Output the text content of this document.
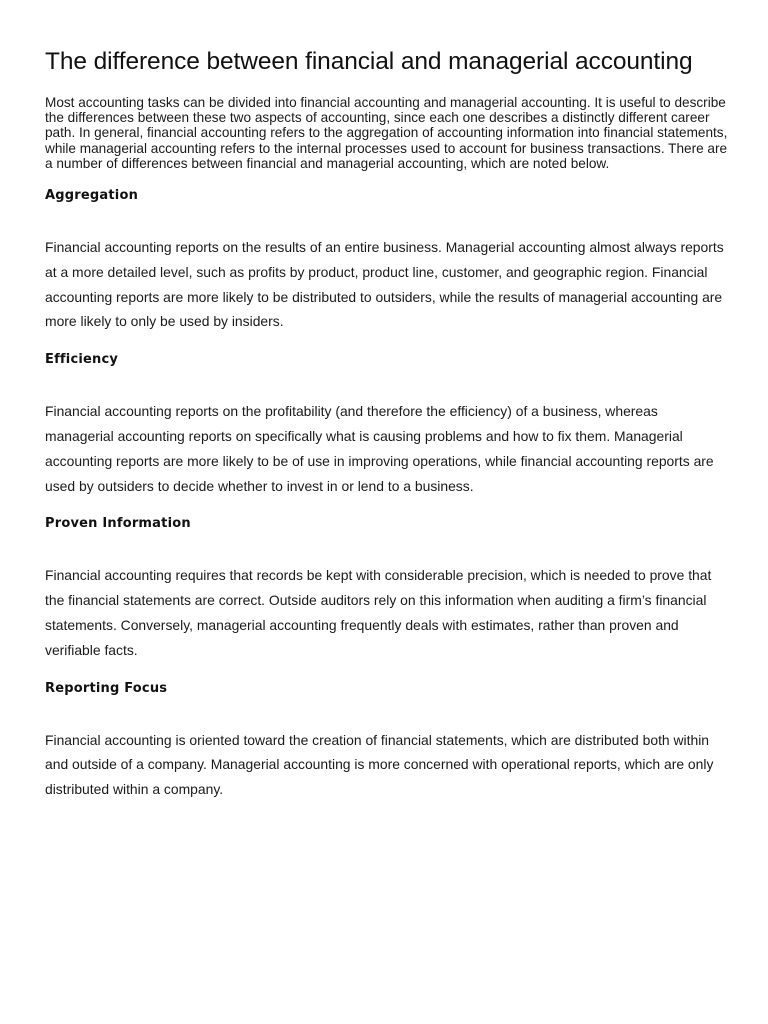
The difference between financial and managerial accounting

Most accounting tasks can be divided into financial accounting and managerial accounting. It is useful to describe the differences between these two aspects of accounting, since each one describes a distinctly different career path. In general, financial accounting refers to the aggregation of accounting information into financial statements, while managerial accounting refers to the internal processes used to account for business transactions. There are a number of differences between financial and managerial accounting, which are noted below.

Aggregation

Financial accounting reports on the results of an entire business. Managerial accounting almost always reports at a more detailed level, such as profits by product, product line, customer, and geographic region. Financial accounting reports are more likely to be distributed to outsiders, while the results of managerial accounting are more likely to only be used by insiders.

Efficiency

Financial accounting reports on the profitability (and therefore the efficiency) of a business, whereas managerial accounting reports on specifically what is causing problems and how to fix them. Managerial accounting reports are more likely to be of use in improving operations, while financial accounting reports are used by outsiders to decide whether to invest in or lend to a business.

Proven Information

Financial accounting requires that records be kept with considerable precision, which is needed to prove that the financial statements are correct. Outside auditors rely on this information when auditing a firm’s financial statements. Conversely, managerial accounting frequently deals with estimates, rather than proven and verifiable facts.

Reporting Focus

Financial accounting is oriented toward the creation of financial statements, which are distributed both within and outside of a company. Managerial accounting is more concerned with operational reports, which are only distributed within a company.
